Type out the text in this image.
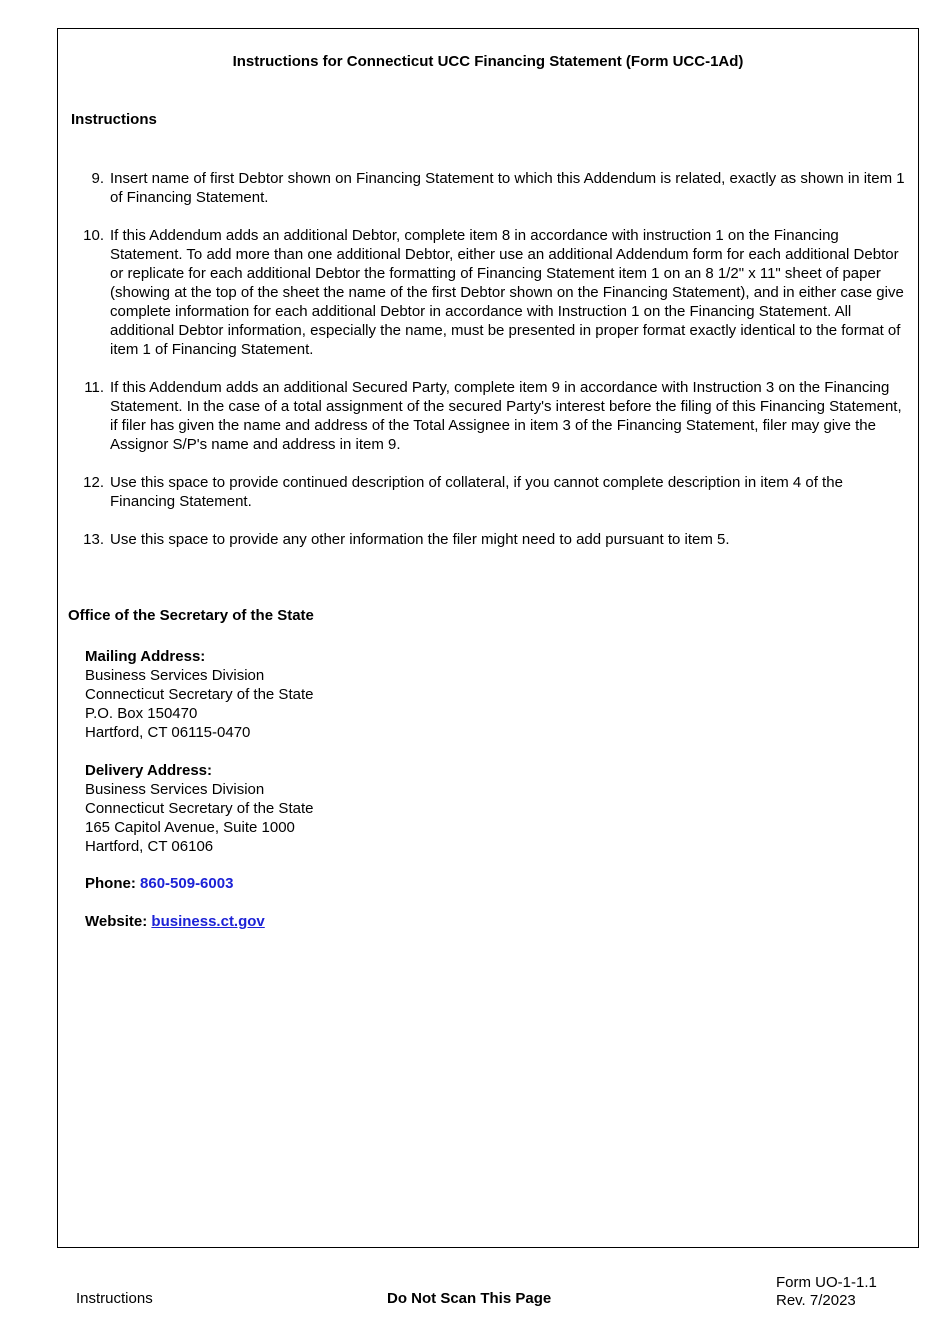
Instructions for Connecticut UCC Financing Statement (Form UCC-1Ad)
Instructions
9. Insert name of first Debtor shown on Financing Statement to which this Addendum is related, exactly as shown in item 1 of Financing Statement.
10. If this Addendum adds an additional Debtor, complete item 8 in accordance with instruction 1 on the Financing Statement. To add more than one additional Debtor, either use an additional Addendum form for each additional Debtor or replicate for each additional Debtor the formatting of Financing Statement item 1 on an 8 1/2" x 11" sheet of paper (showing at the top of the sheet the name of the first Debtor shown on the Financing Statement), and in either case give complete information for each additional Debtor in accordance with Instruction 1 on the Financing Statement. All additional Debtor information, especially the name, must be presented in proper format exactly identical to the format of item 1 of Financing Statement.
11. If this Addendum adds an additional Secured Party, complete item 9 in accordance with Instruction 3 on the Financing Statement. In the case of a total assignment of the secured Party's interest before the filing of this Financing Statement, if filer has given the name and address of the Total Assignee in item 3 of the Financing Statement, filer may give the Assignor S/P's name and address in item 9.
12. Use this space to provide continued description of collateral, if you cannot complete description in item 4 of the Financing Statement.
13. Use this space to provide any other information the filer might need to add pursuant to item 5.
Office of the Secretary of the State
Mailing Address:
Business Services Division
Connecticut Secretary of the State
P.O. Box 150470
Hartford, CT 06115-0470
Delivery Address:
Business Services Division
Connecticut Secretary of the State
165 Capitol Avenue, Suite 1000
Hartford, CT 06106
Phone: 860-509-6003
Website: business.ct.gov
Instructions	Do Not Scan This Page
Form UO-1-1.1
Rev. 7/2023
